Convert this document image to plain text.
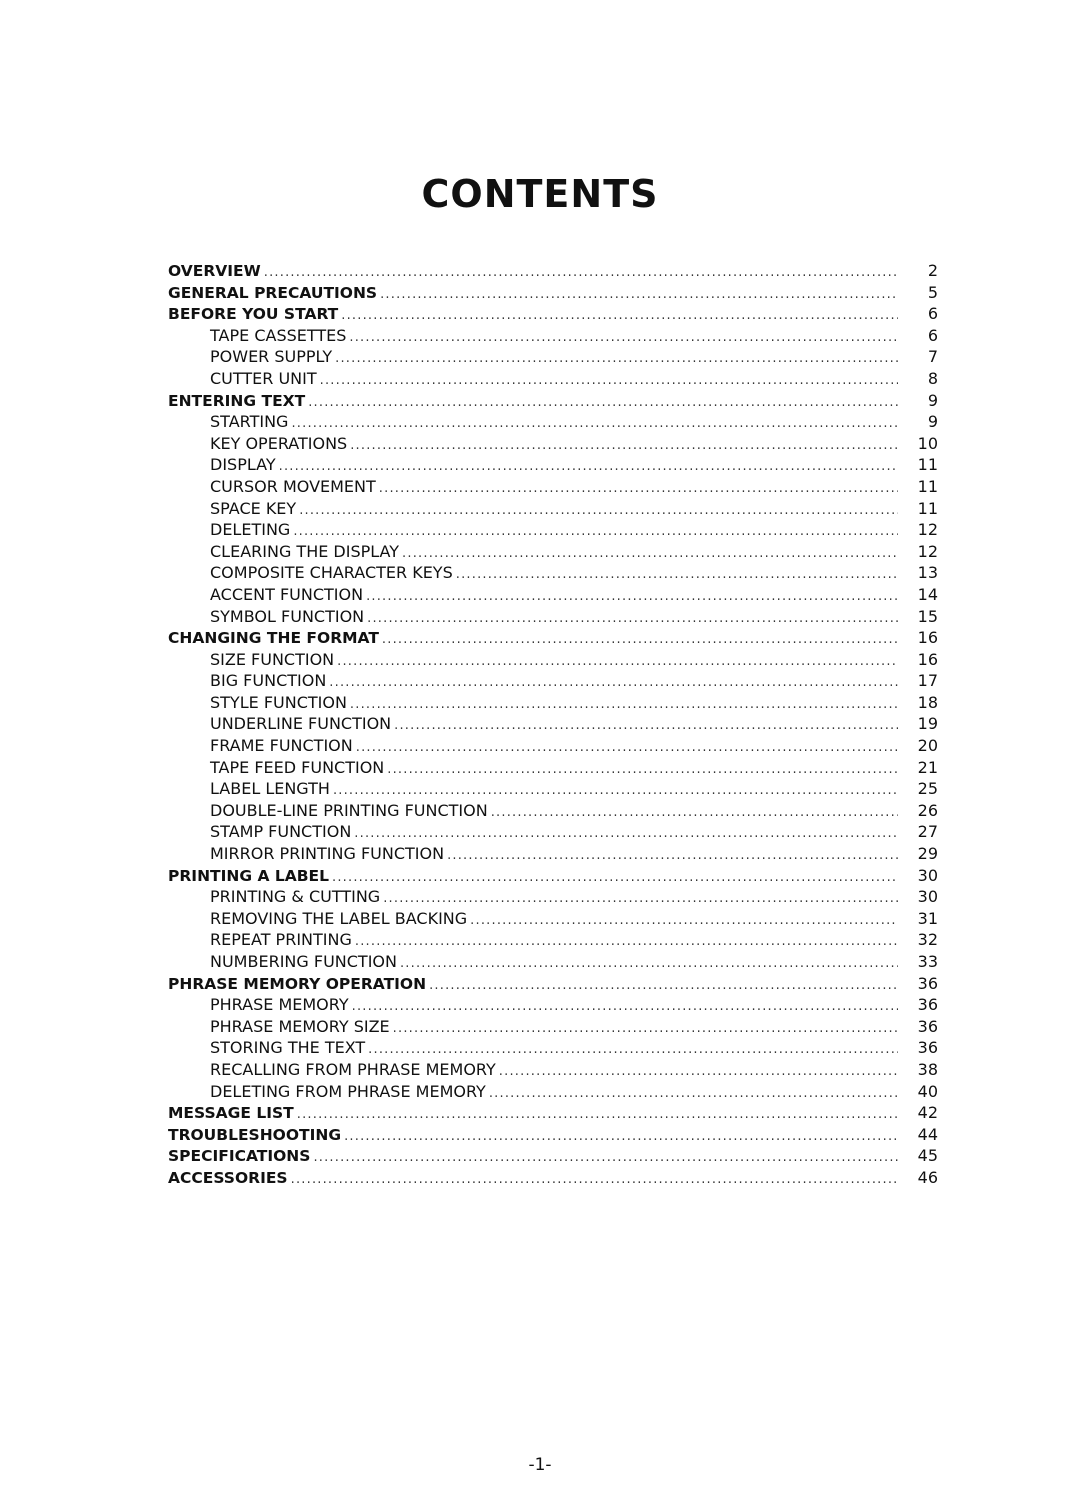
CONTENTS
OVERVIEW .....	2
GENERAL PRECAUTIONS .....	5
BEFORE YOU START .....	6
TAPE CASSETTES .....	6
POWER SUPPLY .....	7
CUTTER UNIT .....	8
ENTERING TEXT .....	9
STARTING .....	9
KEY OPERATIONS .....	10
DISPLAY .....	11
CURSOR MOVEMENT .....	11
SPACE KEY .....	11
DELETING .....	12
CLEARING THE DISPLAY .....	12
COMPOSITE CHARACTER KEYS .....	13
ACCENT FUNCTION .....	14
SYMBOL FUNCTION .....	15
CHANGING THE FORMAT .....	16
SIZE FUNCTION .....	16
BIG FUNCTION .....	17
STYLE FUNCTION .....	18
UNDERLINE FUNCTION .....	19
FRAME FUNCTION .....	20
TAPE FEED FUNCTION .....	21
LABEL LENGTH .....	25
DOUBLE-LINE PRINTING FUNCTION .....	26
STAMP FUNCTION .....	27
MIRROR PRINTING FUNCTION .....	29
PRINTING A LABEL .....	30
PRINTING & CUTTING .....	30
REMOVING THE LABEL BACKING .....	31
REPEAT PRINTING .....	32
NUMBERING FUNCTION .....	33
PHRASE MEMORY OPERATION .....	36
PHRASE MEMORY .....	36
PHRASE MEMORY SIZE .....	36
STORING THE TEXT .....	36
RECALLING FROM PHRASE MEMORY .....	38
DELETING FROM PHRASE MEMORY .....	40
MESSAGE LIST .....	42
TROUBLESHOOTING .....	44
SPECIFICATIONS .....	45
ACCESSORIES .....	46
-1-
